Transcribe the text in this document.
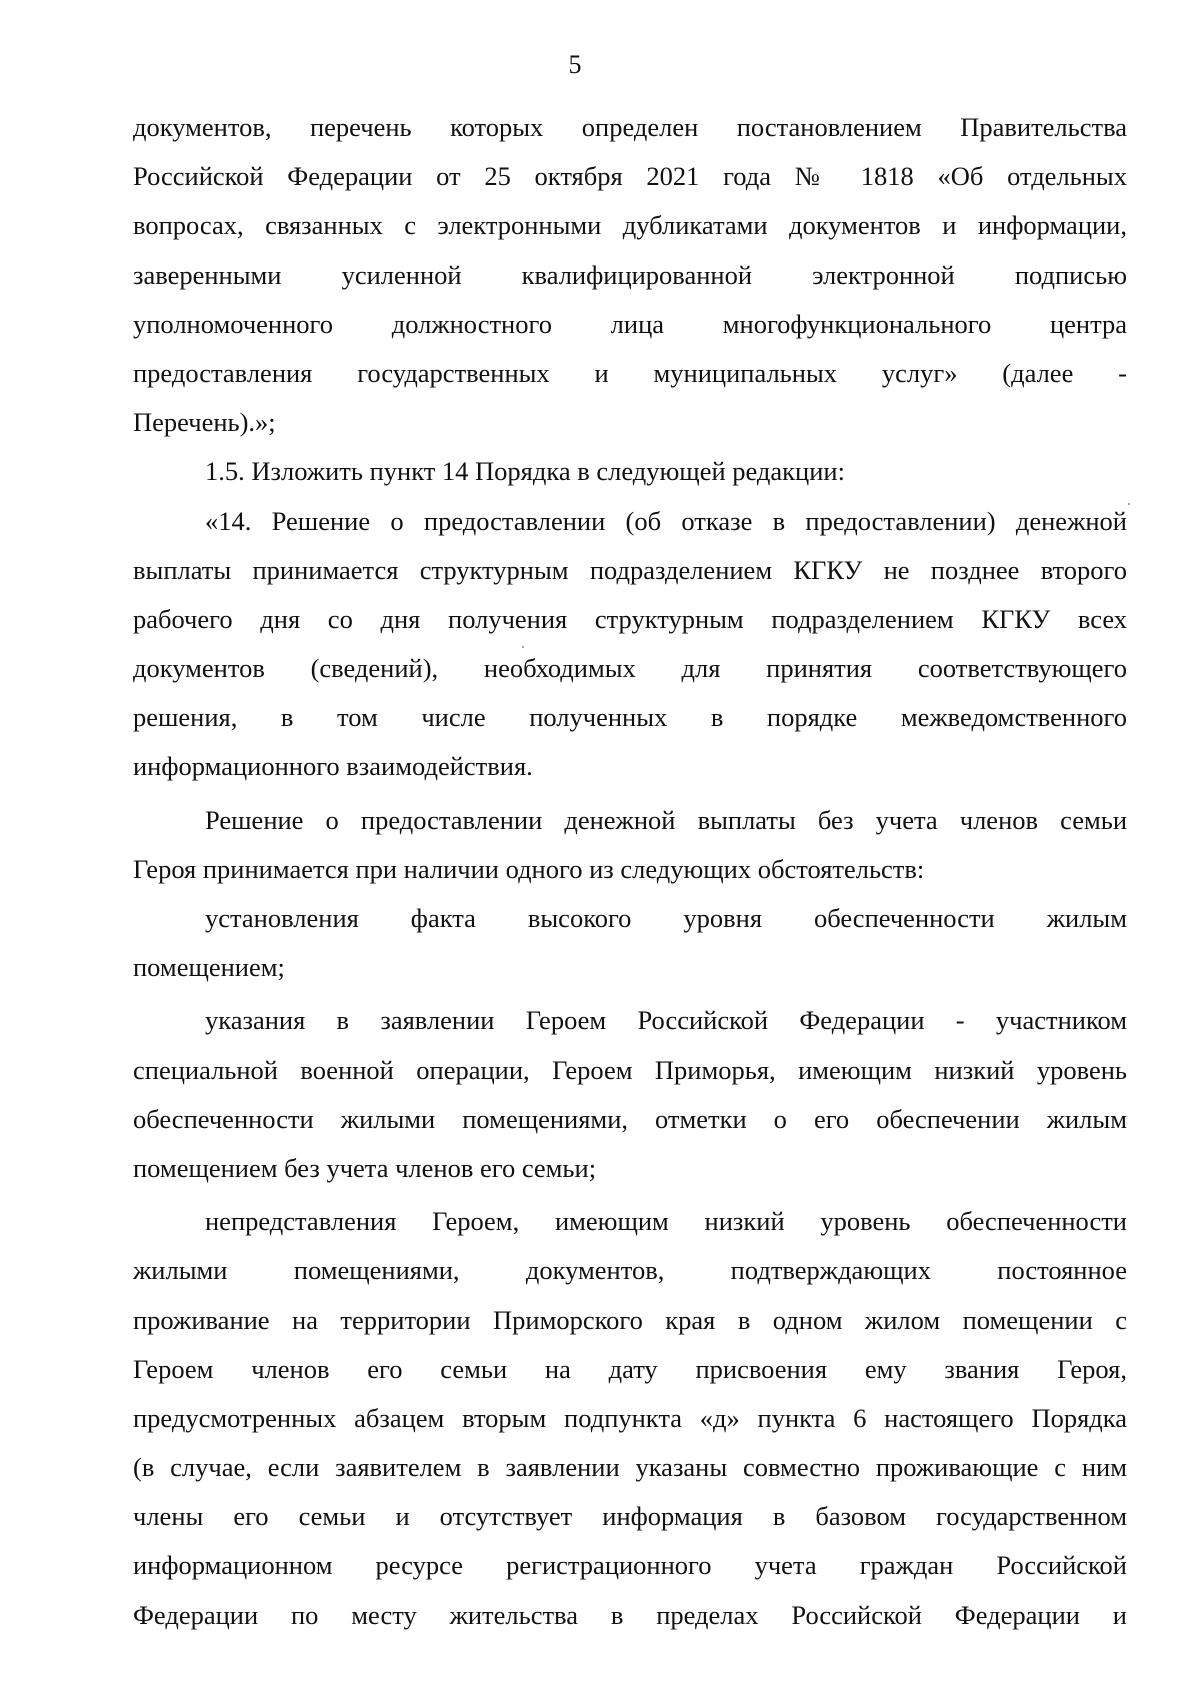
5
документов, перечень которых определен постановлением Правительства
Российской Федерации от 25 октября 2021 года № 1818 «Об отдельных
вопросах, связанных с электронными дубликатами документов и информации,
заверенными усиленной квалифицированной электронной подписью
уполномоченного должностного лица многофункционального центра
предоставления государственных и муниципальных услуг» (далее -
Перечень).»;
1.5. Изложить пункт 14 Порядка в следующей редакции:
«14. Решение о предоставлении (об отказе в предоставлении) денежной
выплаты принимается структурным подразделением КГКУ не позднее второго
рабочего дня со дня получения структурным подразделением КГКУ всех
документов (сведений), необходимых для принятия соответствующего
решения, в том числе полученных в порядке межведомственного
информационного взаимодействия.
Решение о предоставлении денежной выплаты без учета членов семьи
Героя принимается при наличии одного из следующих обстоятельств:
установления факта высокого уровня обеспеченности жилым
помещением;
указания в заявлении Героем Российской Федерации - участником
специальной военной операции, Героем Приморья, имеющим низкий уровень
обеспеченности жилыми помещениями, отметки о его обеспечении жилым
помещением без учета членов его семьи;
непредставления Героем, имеющим низкий уровень обеспеченности
жилыми помещениями, документов, подтверждающих постоянное
проживание на территории Приморского края в одном жилом помещении с
Героем членов его семьи на дату присвоения ему звания Героя,
предусмотренных абзацем вторым подпункта «д» пункта 6 настоящего Порядка
(в случае, если заявителем в заявлении указаны совместно проживающие с ним
члены его семьи и отсутствует информация в базовом государственном
информационном ресурсе регистрационного учета граждан Российской
Федерации по месту жительства в пределах Российской Федерации и
